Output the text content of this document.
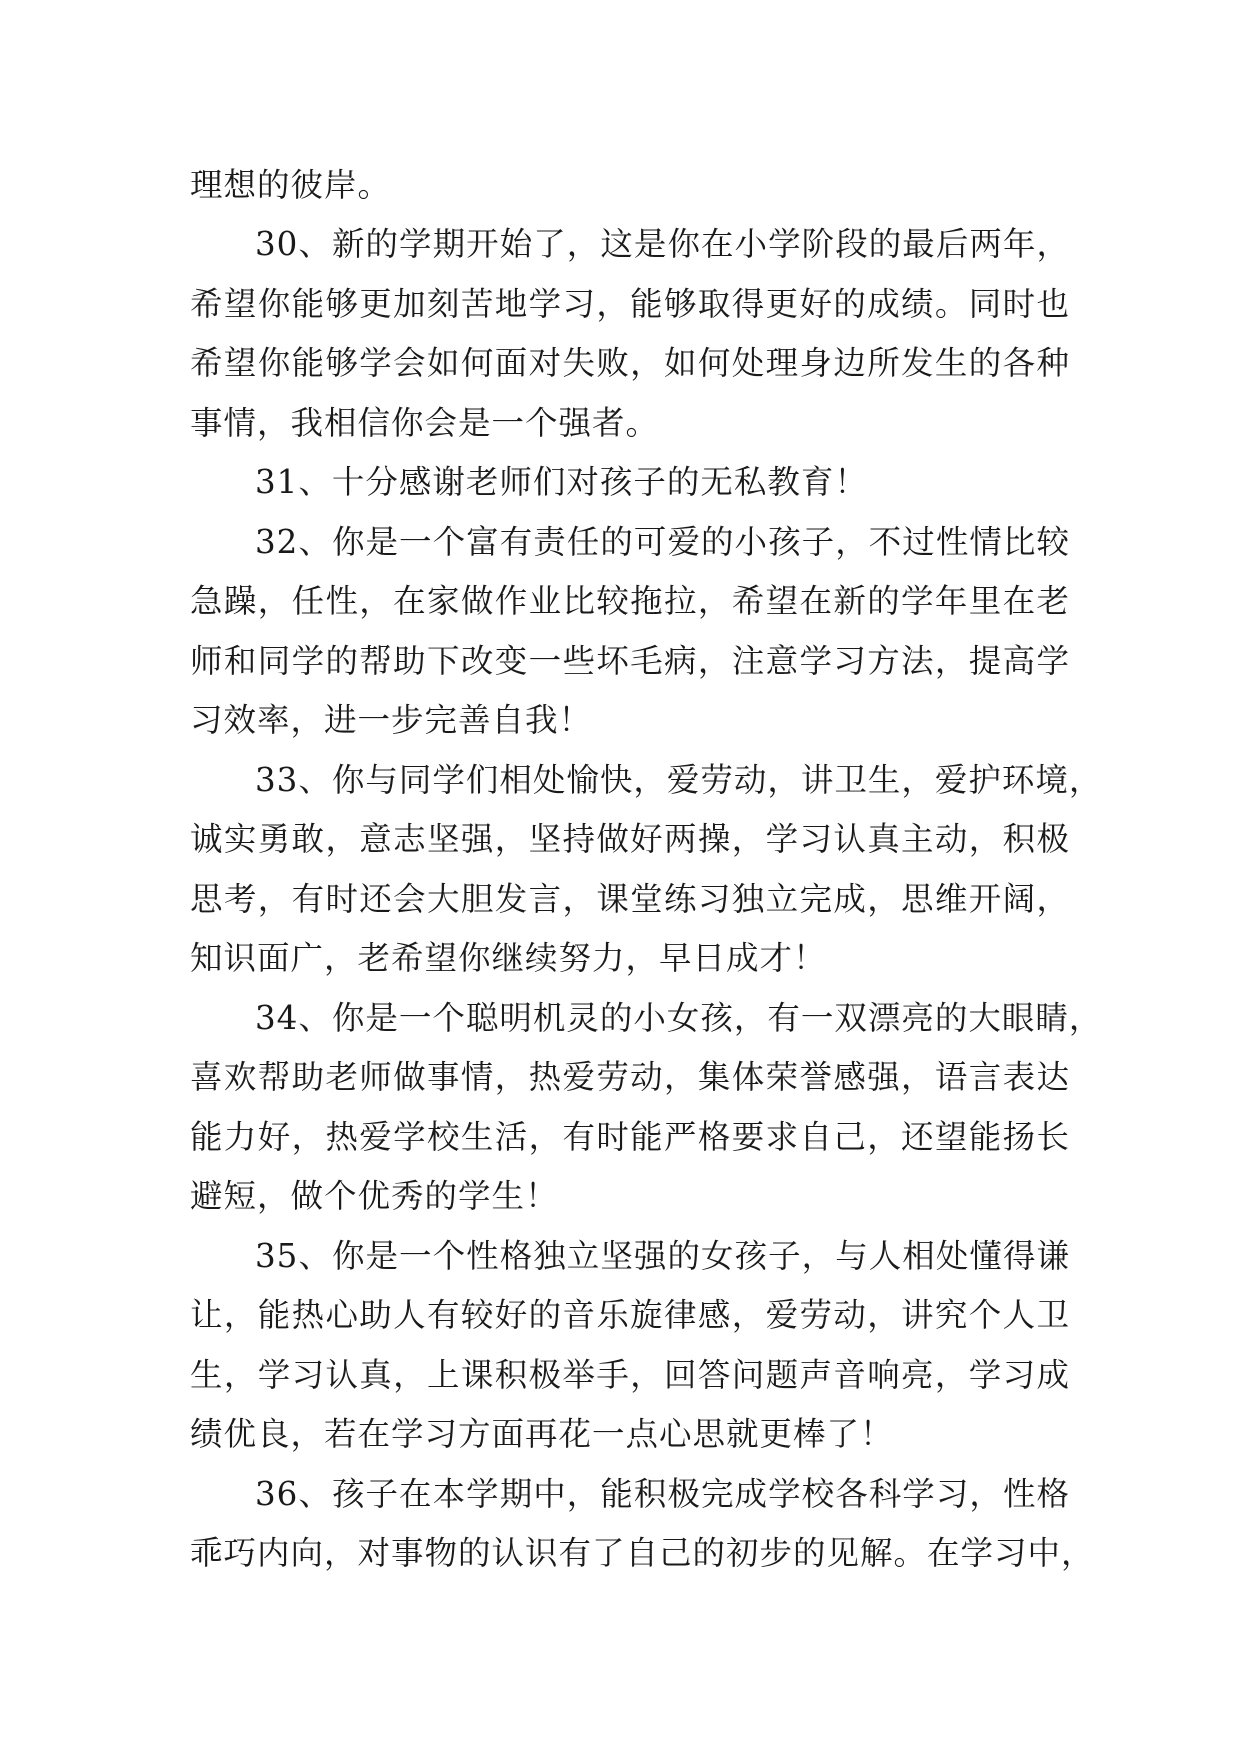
理想的彼岸。
30、新的学期开始了，这是你在小学阶段的最后两年，
希望你能够更加刻苦地学习，能够取得更好的成绩。同时也
希望你能够学会如何面对失败，如何处理身边所发生的各种
事情，我相信你会是一个强者。
31、十分感谢老师们对孩子的无私教育！
32、你是一个富有责任的可爱的小孩子，不过性情比较
急躁，任性，在家做作业比较拖拉，希望在新的学年里在老
师和同学的帮助下改变一些坏毛病，注意学习方法，提高学
习效率，进一步完善自我！
33、你与同学们相处愉快，爱劳动，讲卫生，爱护环境，
诚实勇敢，意志坚强，坚持做好两操，学习认真主动，积极
思考，有时还会大胆发言，课堂练习独立完成，思维开阔，
知识面广，老希望你继续努力，早日成才！
34、你是一个聪明机灵的小女孩，有一双漂亮的大眼睛，
喜欢帮助老师做事情，热爱劳动，集体荣誉感强，语言表达
能力好，热爱学校生活，有时能严格要求自己，还望能扬长
避短，做个优秀的学生！
35、你是一个性格独立坚强的女孩子，与人相处懂得谦
让，能热心助人有较好的音乐旋律感，爱劳动，讲究个人卫
生，学习认真，上课积极举手，回答问题声音响亮，学习成
绩优良，若在学习方面再花一点心思就更棒了！
36、孩子在本学期中，能积极完成学校各科学习，性格
乖巧内向，对事物的认识有了自己的初步的见解。在学习中，
